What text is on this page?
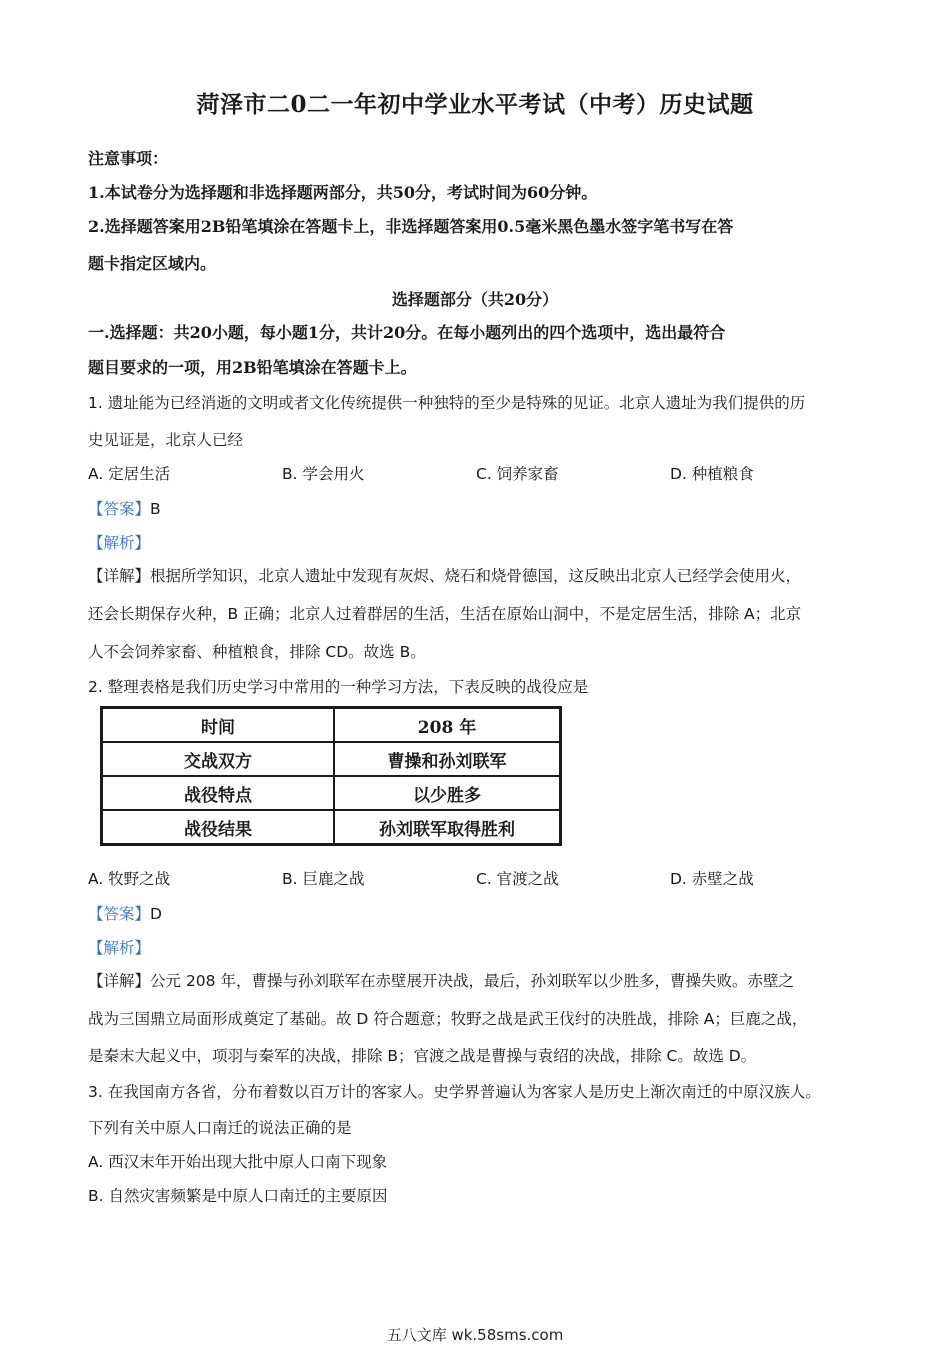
菏泽市二0二一年初中学业水平考试（中考）历史试题
注意事项：
1.本试卷分为选择题和非选择题两部分，共50分，考试时间为60分钟。
2.选择题答案用2B铅笔填涂在答题卡上，非选择题答案用0.5毫米黑色墨水签字笔书写在答
题卡指定区域内。
选择题部分（共20分）
一.选择题：共20小题，每小题1分，共计20分。在每小题列出的四个选项中，选出最符合
题目要求的一项，用2B铅笔填涂在答题卡上。
1. 遗址能为已经消逝的文明或者文化传统提供一种独特的至少是特殊的见证。北京人遗址为我们提供的历
史见证是，北京人已经
A. 定居生活	B. 学会用火	C. 饲养家畜	D. 种植粮食
【答案】B
【解析】
【详解】根据所学知识，北京人遗址中发现有灰烬、烧石和烧骨德国，这反映出北京人已经学会使用火，
还会长期保存火种，B 正确；北京人过着群居的生活，生活在原始山洞中，不是定居生活，排除 A；北京
人不会饲养家畜、种植粮食，排除 CD。故选 B。
2. 整理表格是我们历史学习中常用的一种学习方法，下表反映的战役应是
时间	208 年
交战双方	曹操和孙刘联军
战役特点	以少胜多
战役结果	孙刘联军取得胜利
A. 牧野之战	B. 巨鹿之战	C. 官渡之战	D. 赤壁之战
【答案】D
【解析】
【详解】公元 208 年，曹操与孙刘联军在赤壁展开决战，最后，孙刘联军以少胜多，曹操失败。赤壁之
战为三国鼎立局面形成奠定了基础。故 D 符合题意；牧野之战是武王伐纣的决胜战，排除 A；巨鹿之战，
是秦末大起义中，项羽与秦军的决战，排除 B；官渡之战是曹操与袁绍的决战，排除 C。故选 D。
3. 在我国南方各省，分布着数以百万计的客家人。史学界普遍认为客家人是历史上渐次南迁的中原汉族人。
下列有关中原人口南迁的说法正确的是
A. 西汉末年开始出现大批中原人口南下现象
B. 自然灾害频繁是中原人口南迁的主要原因
五八文库 wk.58sms.com
